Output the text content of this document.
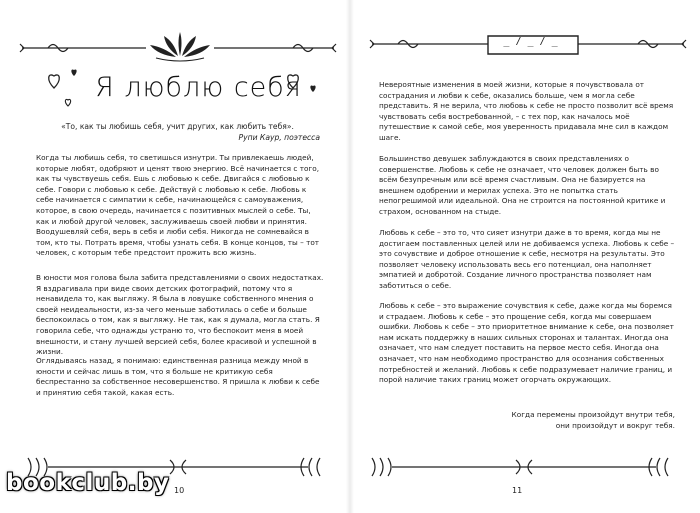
Я люблю себя
«То, как ты любишь себя, учит других, как любить тебя».
Рупи Каур, поэтесса

Когда ты любишь себя, то светишься изнутри. Ты привлекаешь людей, которые любят, одобряют и ценят твою энергию. Всё начинается с того, как ты чувствуешь себя. Ешь с любовью к себе. Двигайся с любовью к себе. Говори с любовью к себе. Действуй с любовью к себе. Любовь к себе начинается с симпатии к себе, начинающейся с самоуважения, которое, в свою очередь, начинается с позитивных мыслей о себе. Ты, как и любой другой человек, заслуживаешь своей любви и принятия. Воодушевляй себя, верь в себя и люби себя. Никогда не сомневайся в том, кто ты. Потрать время, чтобы узнать себя. В конце концов, ты – тот человек, с которым тебе предстоит прожить всю жизнь.

В юности моя голова была забита представлениями о своих недостатках. Я вздрагивала при виде своих детских фотографий, потому что я ненавидела то, как выгляжу. Я была в ловушке собственного мнения о своей неидеальности, из-за чего меньше заботилась о себе и больше беспокоилась о том, как я выгляжу. Не так, как я думала, могла стать. Я говорила себе, что однажды устраню то, что беспокоит меня в моей внешности, и стану лучшей версией себя, более красивой и успешной в жизни.

Оглядываясь назад, я понимаю: единственная разница между мной в юности и сейчас лишь в том, что я больше не критикую себя беспрестанно за собственное несовершенство. Я пришла к любви к себе и принятию себя такой, какая есть.

10
_ / _ / _

Невероятные изменения в моей жизни, которые я почувствовала от сострадания и любви к себе, оказались больше, чем я могла себе представить. Я не верила, что любовь к себе не просто позволит всё время чувствовать себя востребованной, – с тех пор, как началось моё путешествие к самой себе, моя уверенность придавала мне сил в каждом шаге.

Большинство девушек заблуждаются в своих представлениях о совершенстве. Любовь к себе не означает, что человек должен быть во всём безупречным или всё время счастливым. Она не базируется на внешнем одобрении и мерилах успеха. Это не попытка стать непогрешимой или идеальной. Она не строится на постоянной критике и страхом, основанном на стыде.

Любовь к себе – это то, что сияет изнутри даже в то время, когда мы не достигаем поставленных целей или не добиваемся успеха. Любовь к себе – это сочувствие и доброе отношение к себе, несмотря на результаты. Это позволяет человеку использовать весь его потенциал, она наполняет эмпатией и добротой. Создание личного пространства позволяет нам заботиться о себе.

Любовь к себе – это выражение сочувствия к себе, даже когда мы боремся и страдаем. Любовь к себе – это прощение себя, когда мы совершаем ошибки. Любовь к себе – это приоритетное внимание к себе, она позволяет нам искать поддержку в наших сильных сторонах и талантах. Иногда она означает, что нам следует поставить на первое место себя. Иногда она означает, что нам необходимо пространство для осознания собственных потребностей и желаний. Любовь к себе подразумевает наличие границ, и порой наличие таких границ может огорчать окружающих.

Когда перемены произойдут внутри тебя,
они произойдут и вокруг тебя.
11
bookclub.by
